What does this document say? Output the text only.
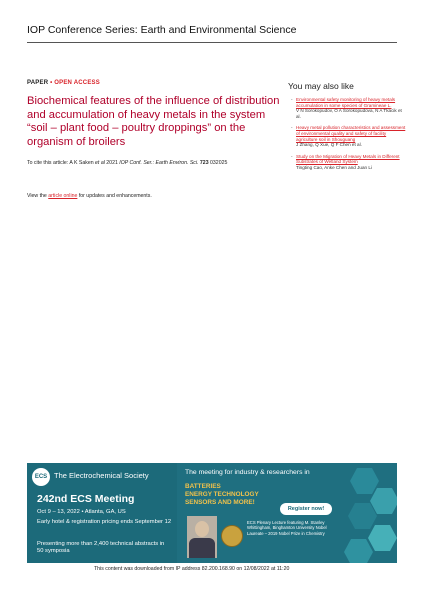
IOP Conference Series: Earth and Environmental Science
PAPER • OPEN ACCESS
Biochemical features of the influence of distribution and accumulation of heavy metals in the system “soil – plant food – poultry droppings” on the organism of broilers
To cite this article: A K Saken et al 2021 IOP Conf. Ser.: Earth Environ. Sci. 723 032025
View the article online for updates and enhancements.
You may also like
- Environmental safety monitoring of heavy metals accumulation in some species of Gramineae L.
V N Sorokopudov, O A Sorokopudova, N A Tkacik et al.
- Heavy metal pollution characteristics and assessment of environmental quality and safety of facility agriculture soil in Shouguang
J Zhang, Q Xue, Q F Chen et al.
- Study on the Migration of Heavy Metals in Different Substrates of Wetland System
Tingting Cao, Anke Chen and Juan Li
ECS The Electrochemical Society
242nd ECS Meeting
Oct 9 – 13, 2022 • Atlanta, GA, US
Early hotel & registration pricing ends September 12
Presenting more than 2,400 technical abstracts in 50 symposia
The meeting for industry & researchers in
BATTERIES
ENERGY TECHNOLOGY
SENSORS AND MORE!
Register now!
ECS Plenary Lecture featuring M. Stanley Whittingham, Binghamton University Nobel Laureate – 2019 Nobel Prize in Chemistry
This content was downloaded from IP address 82.200.168.90 on 12/08/2022 at 11:20
